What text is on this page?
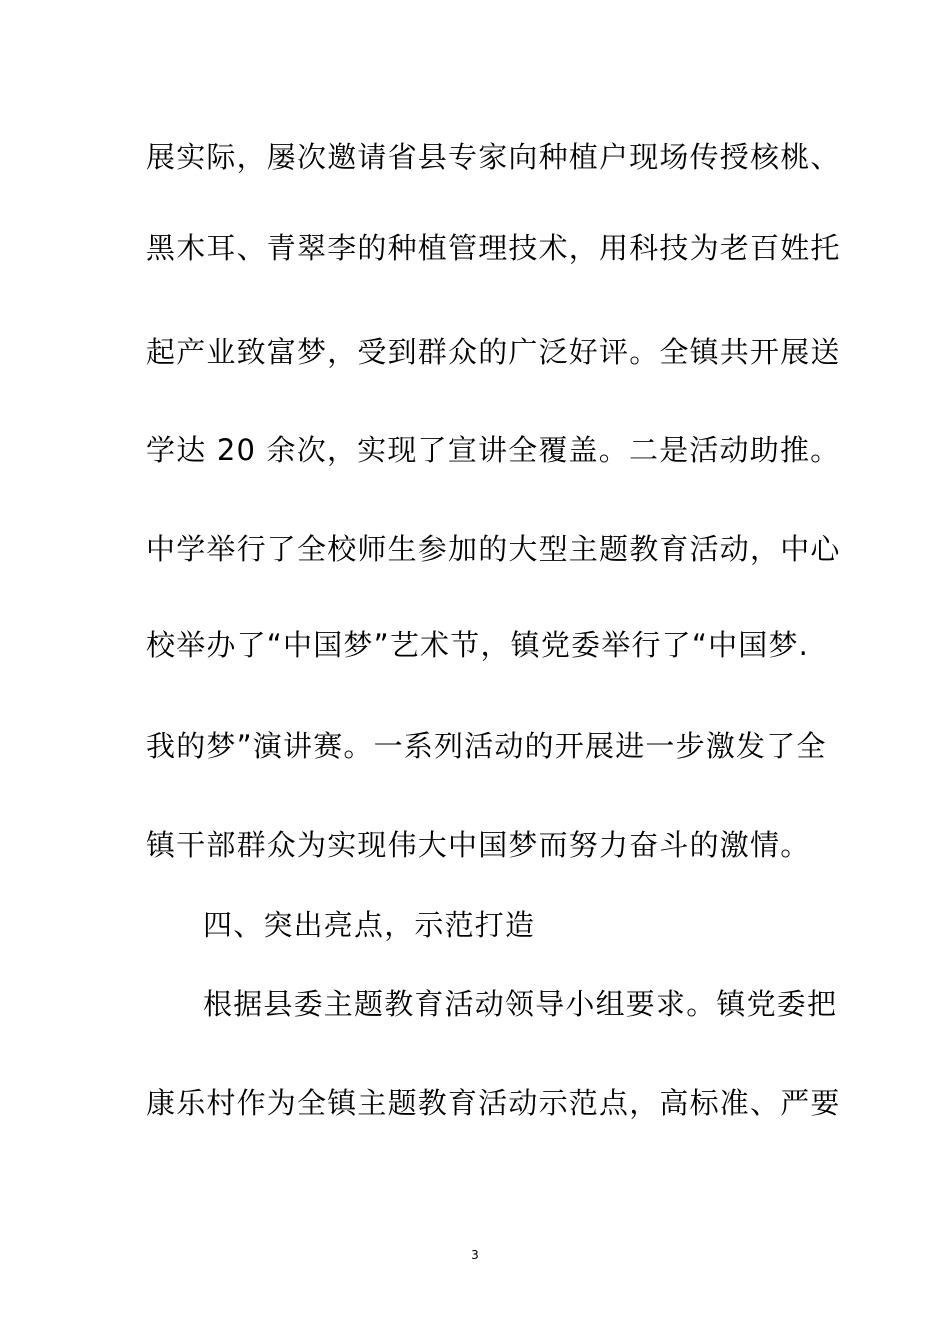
展实际，屡次邀请省县专家向种植户现场传授核桃、
黑木耳、青翠李的种植管理技术，用科技为老百姓托
起产业致富梦，受到群众的广泛好评。全镇共开展送
学达 20 余次，实现了宣讲全覆盖。二是活动助推。
中学举行了全校师生参加的大型主题教育活动，中心
校举办了“中国梦”艺术节，镇党委举行了“中国梦.
我的梦”演讲赛。一系列活动的开展进一步激发了全
镇干部群众为实现伟大中国梦而努力奋斗的激情。
四、突出亮点，示范打造
根据县委主题教育活动领导小组要求。镇党委把
康乐村作为全镇主题教育活动示范点，高标准、严要
3
